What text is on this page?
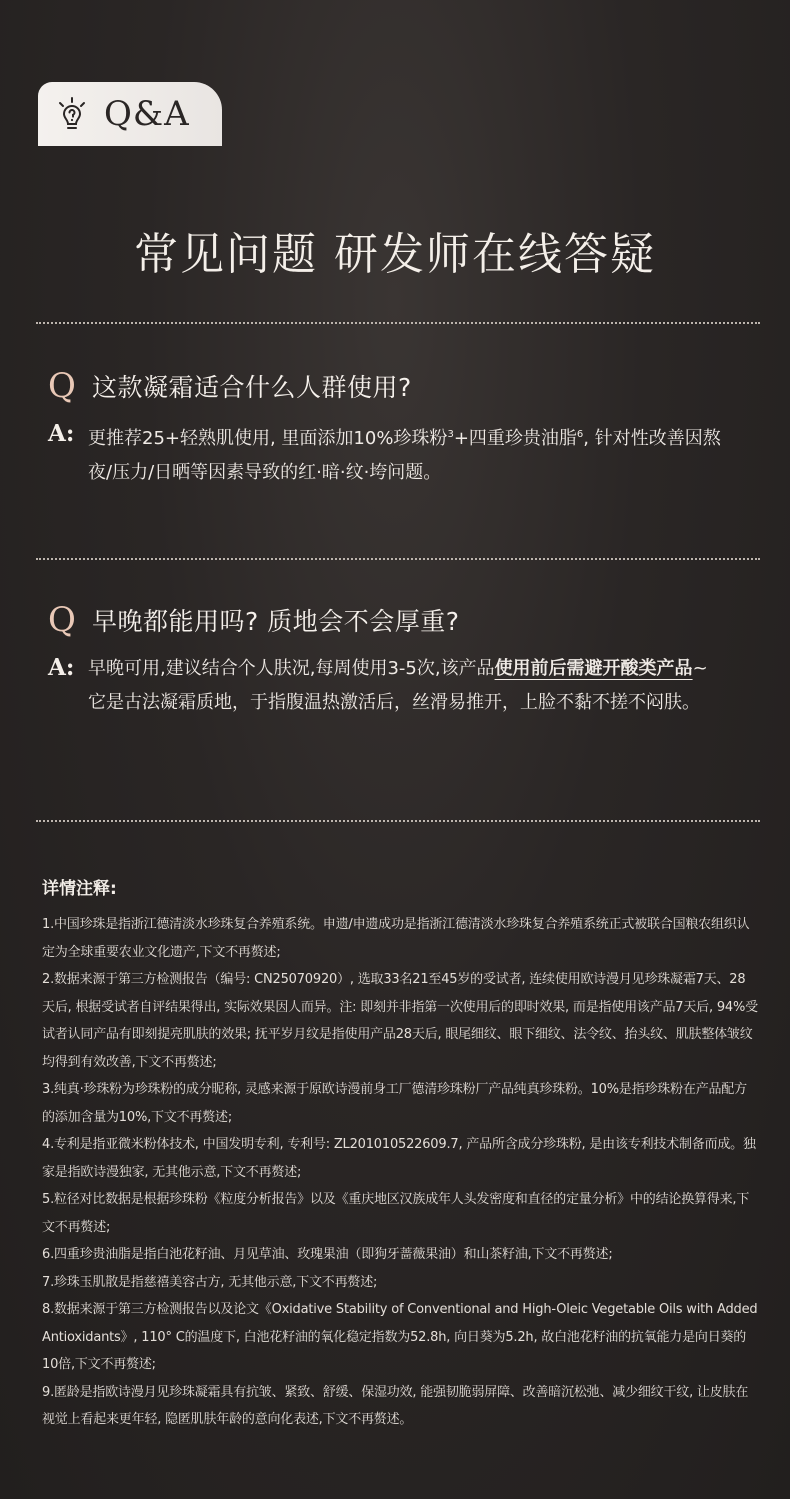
Q&A
常见问题 研发师在线答疑
Q 这款凝霜适合什么人群使用?
A: 更推荐25+轻熟肌使用, 里面添加10%珍珠粉$^3$+四重珍贵油脂$^6$, 针对性改善因熬夜/压力/日晒等因素导致的红·暗·纹·垮问题。
Q 早晚都能用吗? 质地会不会厚重?
A: 早晚可用,建议结合个人肤况,每周使用3-5次,该产品使用前后需避开酸类产品~它是古法凝霜质地，于指腹温热激活后，丝滑易推开，上脸不黏不搓不闷肤。
详情注释:
1.中国珍珠是指浙江德清淡水珍珠复合养殖系统。申遗/申遗成功是指浙江德清淡水珍珠复合养殖系统正式被联合国粮农组织认定为全球重要农业文化遗产,下文不再赘述;
2.数据来源于第三方检测报告（编号: CN25070920）, 选取33名21至45岁的受试者, 连续使用欧诗漫月见珍珠凝霜7天、28天后, 根据受试者自评结果得出, 实际效果因人而异。注: 即刻并非指第一次使用后的即时效果, 而是指使用该产品7天后, 94%受试者认同产品有即刻提亮肌肤的效果; 抚平岁月纹是指使用产品28天后, 眼尾细纹、眼下细纹、法令纹、抬头纹、肌肤整体皱纹均得到有效改善,下文不再赘述;
3.纯真·珍珠粉为珍珠粉的成分昵称, 灵感来源于原欧诗漫前身工厂德清珍珠粉厂产品纯真珍珠粉。10%是指珍珠粉在产品配方的添加含量为10%,下文不再赘述;
4.专利是指亚微米粉体技术, 中国发明专利, 专利号: ZL201010522609.7, 产品所含成分珍珠粉, 是由该专利技术制备而成。独家是指欧诗漫独家, 无其他示意,下文不再赘述;
5.粒径对比数据是根据珍珠粉《粒度分析报告》以及《重庆地区汉族成年人头发密度和直径的定量分析》中的结论换算得来,下文不再赘述;
6.四重珍贵油脂是指白池花籽油、月见草油、玫瑰果油（即狗牙蔷薇果油）和山茶籽油,下文不再赘述;
7.珍珠玉肌散是指慈禧美容古方, 无其他示意,下文不再赘述;
8.数据来源于第三方检测报告以及论文《Oxidative Stability of Conventional and High-Oleic Vegetable Oils with Added Antioxidants》, 110° C的温度下, 白池花籽油的氧化稳定指数为52.8h, 向日葵为5.2h, 故白池花籽油的抗氧能力是向日葵的10倍,下文不再赘述;
9.匿龄是指欧诗漫月见珍珠凝霜具有抗皱、紧致、舒缓、保湿功效, 能强韧脆弱屏障、改善暗沉松弛、减少细纹干纹, 让皮肤在视觉上看起来更年轻, 隐匿肌肤年龄的意向化表述,下文不再赘述。
